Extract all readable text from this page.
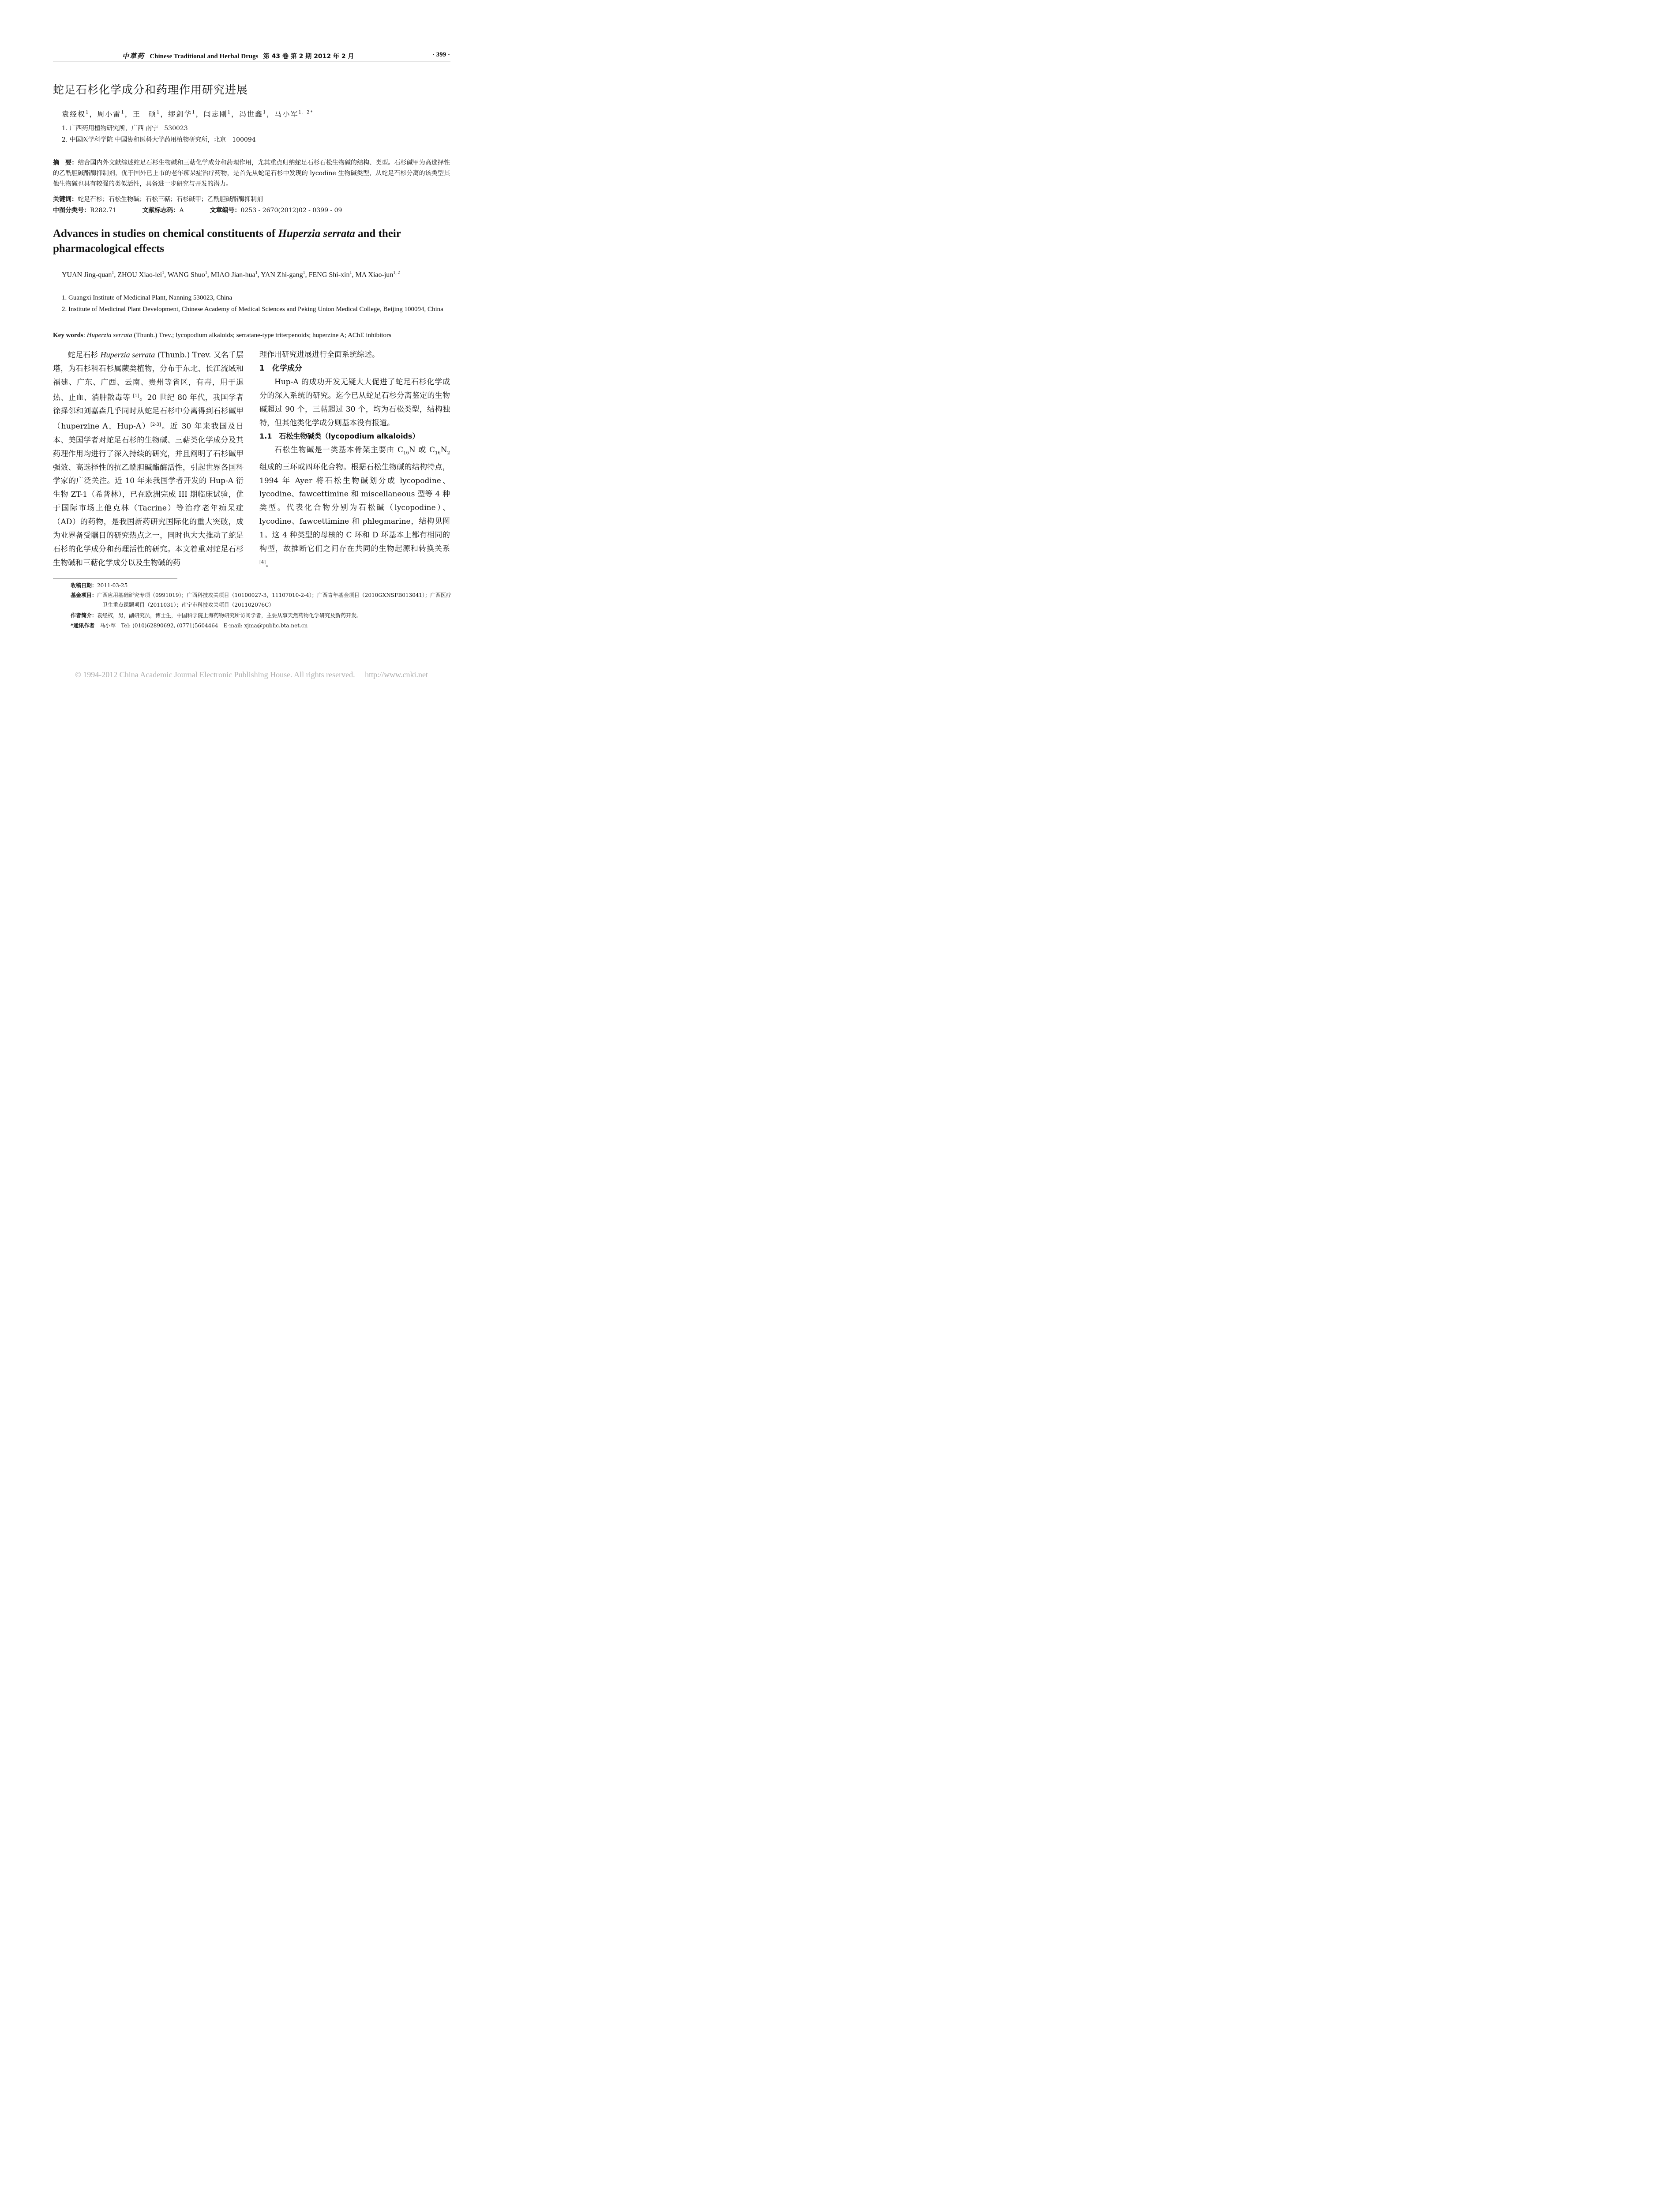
中草药 Chinese Traditional and Herbal Drugs 第 43 卷 第 2 期 2012 年 2 月	· 399 ·
蛇足石杉化学成分和药理作用研究进展
袁经权$^1$，周小雷$^1$，王　硕$^1$，缪剑华$^1$，闫志刚$^1$，冯世鑫$^1$，马小军$^{1, 2*}$
1. 广西药用植物研究所，广西 南宁　530023
2. 中国医学科学院 中国协和医科大学药用植物研究所，北京　100094
摘　要：结合国内外文献综述蛇足石杉生物碱和三萜化学成分和药理作用，尤其重点归纳蛇足石杉石松生物碱的结构、类型。石杉碱甲为高选择性的乙酰胆碱酯酶抑制剂，优于国外已上市的老年痴呆症治疗药物，是首先从蛇足石杉中发现的 lycodine 生物碱类型，从蛇足石杉分离的该类型其他生物碱也具有较强的类似活性，具备进一步研究与开发的潜力。
关键词：蛇足石杉；石松生物碱；石松三萜；石杉碱甲；乙酰胆碱酯酶抑制剂
中图分类号：R282.71	文献标志码：A	文章编号：0253 - 2670(2012)02 - 0399 - 09
Advances in studies on chemical constituents of Huperzia serrata and their pharmacological effects
YUAN Jing-quan$^1$, ZHOU Xiao-lei$^1$, WANG Shuo$^1$, MIAO Jian-hua$^1$, YAN Zhi-gang$^1$, FENG Shi-xin$^1$, MA Xiao-jun$^{1, 2}$
1. Guangxi Institute of Medicinal Plant, Nanning 530023, China
2. Institute of Medicinal Plant Development, Chinese Academy of Medical Sciences and Peking Union Medical College, Beijing 100094, China
Key words: Huperzia serrata (Thunb.) Trev.; lycopodium alkaloids; serratane-type triterpenoids; huperzine A; AChE inhibitors

蛇足石杉 Huperzia serrata (Thunb.) Trev. 又名千层塔，为石杉科石杉属蕨类植物，分布于东北、长江流域和福建、广东、广西、云南、贵州等省区，有毒，用于退热、止血、消肿散毒等 [1]。20 世纪 80 年代，我国学者徐择邻和刘嘉森几乎同时从蛇足石杉中分离得到石杉碱甲（huperzine A，Hup-A）[2-3]。近 30 年来我国及日本、美国学者对蛇足石杉的生物碱、三萜类化学成分及其药理作用均进行了深入持续的研究，并且阐明了石杉碱甲强效、高选择性的抗乙酰胆碱酯酶活性，引起世界各国科学家的广泛关注。近 10 年来我国学者开发的 Hup-A 衍生物 ZT-1（希普林），已在欧洲完成 III 期临床试验，优于国际市场上他克林（Tacrine）等治疗老年痴呆症（AD）的药物，是我国新药研究国际化的重大突破，成为业界备受瞩目的研究热点之一，同时也大大推动了蛇足石杉的化学成分和药理活性的研究。本文着重对蛇足石杉生物碱和三萜化学成分以及生物碱的药

理作用研究进展进行全面系统综述。

1　化学成分

Hup-A 的成功开发无疑大大促进了蛇足石杉化学成分的深入系统的研究。迄今已从蛇足石杉分离鉴定的生物碱超过 90 个，三萜超过 30 个，均为石松类型，结构独特，但其他类化学成分则基本没有报道。

1.1　石松生物碱类（lycopodium alkaloids）

石松生物碱是一类基本骨架主要由 $C_{16}N$ 或 $C_{16}N_2$ 组成的三环或四环化合物。根据石松生物碱的结构特点，1994 年 Ayer 将石松生物碱划分成 lycopodine、lycodine、fawcettimine 和 miscellaneous 型等 4 种类型。代表化合物分别为石松碱（lycopodine）、lycodine、fawcettimine 和 phlegmarine，结构见图 1。这 4 种类型的母核的 C 环和 D 环基本上都有相同的构型，故推断它们之间存在共同的生物起源和转换关系[4]。

收稿日期：2011-03-25
基金项目：广西应用基础研究专项（0991019）；广西科技攻关项目（10100027-3，11107010-2-4）；广西青年基金项目（2010GXNSFB013041）；广西医疗卫生重点课题项目（2011031）；南宁市科技攻关项目（201102076C）
作者简介：袁经权，男，副研究员，博士生，中国科学院上海药物研究所访问学者，主要从事天然药物化学研究及新药开发。
*通讯作者　 马小军　Tel: (010)62890692, (0771)5604464　E-mail: xjma@public.bta.net.cn
© 1994-2012 China Academic Journal Electronic Publishing House. All rights reserved.　 http://www.cnki.net
